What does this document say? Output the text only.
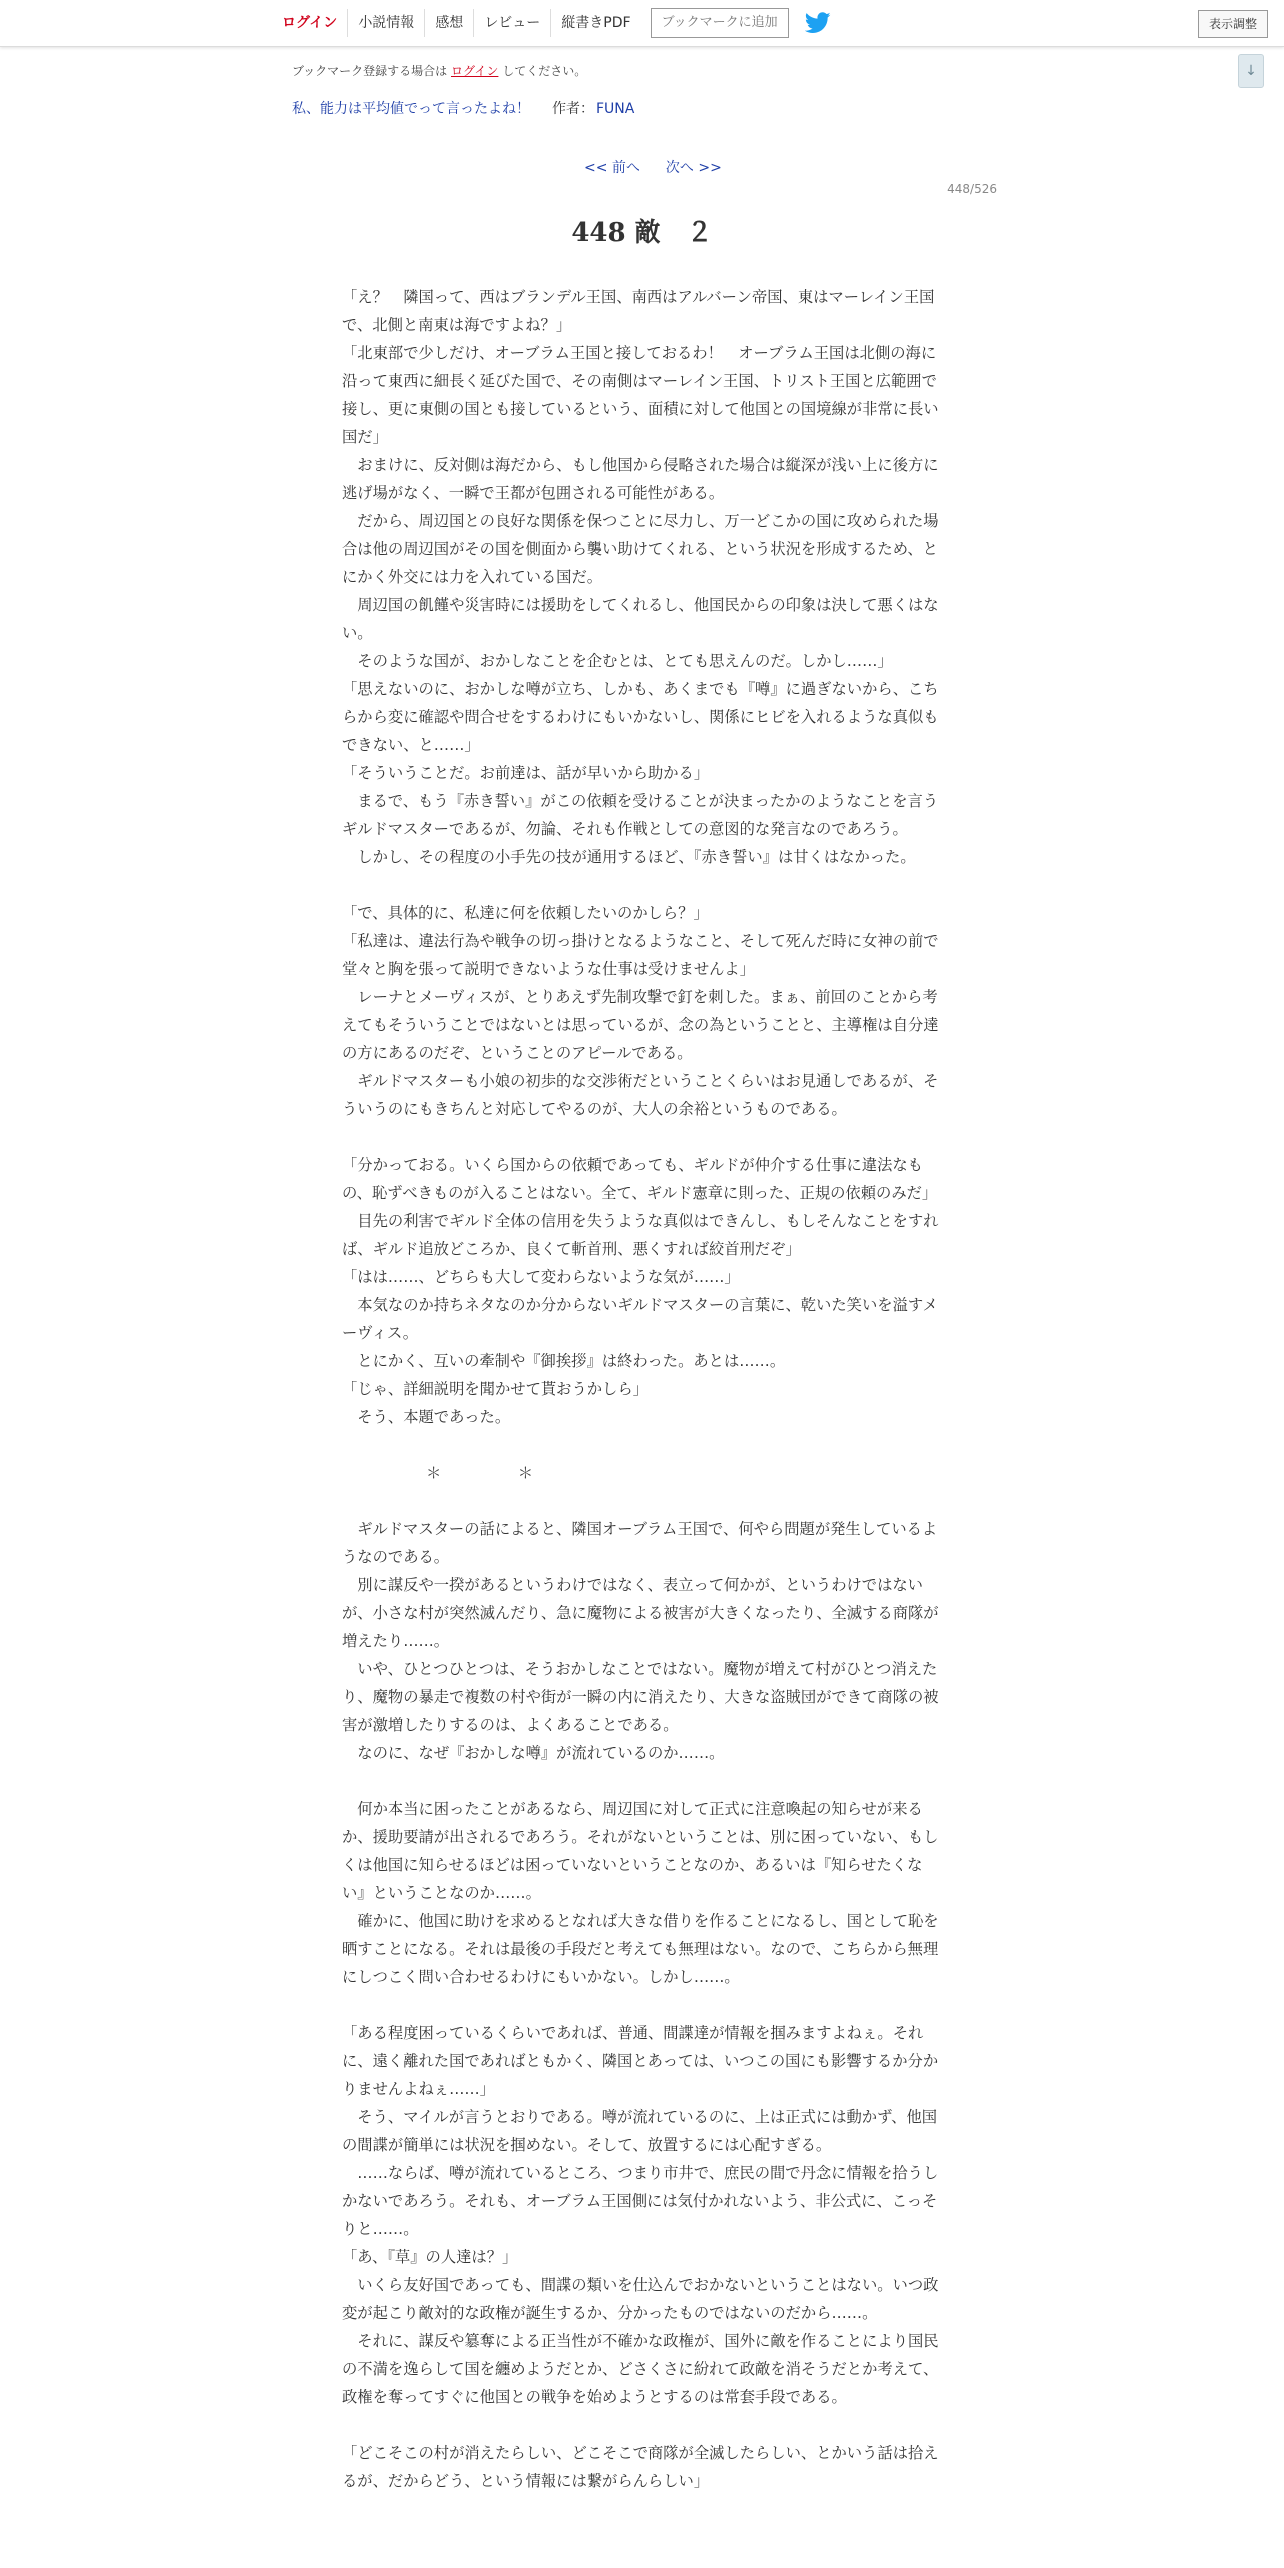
ログイン	小説情報	感想	レビュー	縦書きPDF	ブックマークに追加	表示調整
↓
ブックマーク登録する場合は ログイン してください。
私、能力は平均値でって言ったよね！ 作者： FUNA
<< 前へ 次へ >>
448/526
448 敵　２

「え？　隣国って、西はブランデル王国、南西はアルバーン帝国、東はマーレイン王国で、北側と南東は海ですよね？」

「北東部で少しだけ、オーブラム王国と接しておるわ！　オーブラム王国は北側の海に沿って東西に細長く延びた国で、その南側はマーレイン王国、トリスト王国と広範囲で接し、更に東側の国とも接しているという、面積に対して他国との国境線が非常に長い国だ」

　おまけに、反対側は海だから、もし他国から侵略された場合は縦深が浅い上に後方に逃げ場がなく、一瞬で王都が包囲される可能性がある。

　だから、周辺国との良好な関係を保つことに尽力し、万一どこかの国に攻められた場合は他の周辺国がその国を側面から襲い助けてくれる、という状況を形成するため、とにかく外交には力を入れている国だ。

　周辺国の飢饉や災害時には援助をしてくれるし、他国民からの印象は決して悪くはない。

　そのような国が、おかしなことを企むとは、とても思えんのだ。しかし……」

「思えないのに、おかしな噂が立ち、しかも、あくまでも『噂』に過ぎないから、こちらから変に確認や問合せをするわけにもいかないし、関係にヒビを入れるような真似もできない、と……」

「そういうことだ。お前達は、話が早いから助かる」

　まるで、もう『赤き誓い』がこの依頼を受けることが決まったかのようなことを言うギルドマスターであるが、勿論、それも作戦としての意図的な発言なのであろう。

　しかし、その程度の小手先の技が通用するほど、『赤き誓い』は甘くはなかった。

「で、具体的に、私達に何を依頼したいのかしら？」

「私達は、違法行為や戦争の切っ掛けとなるようなこと、そして死んだ時に女神の前で堂々と胸を張って説明できないような仕事は受けませんよ」

　レーナとメーヴィスが、とりあえず先制攻撃で釘を刺した。まぁ、前回のことから考えてもそういうことではないとは思っているが、念の為ということと、主導権は自分達の方にあるのだぞ、ということのアピールである。

　ギルドマスターも小娘の初歩的な交渉術だということくらいはお見通しであるが、そういうのにもきちんと対応してやるのが、大人の余裕というものである。

「分かっておる。いくら国からの依頼であっても、ギルドが仲介する仕事に違法なもの、恥ずべきものが入ることはない。全て、ギルド憲章に則った、正規の依頼のみだ」

　目先の利害でギルド全体の信用を失うような真似はできんし、もしそんなことをすれば、ギルド追放どころか、良くて斬首刑、悪くすれば絞首刑だぞ」

「はは……、どちらも大して変わらないような気が……」

　本気なのか持ちネタなのか分からないギルドマスターの言葉に、乾いた笑いを溢すメーヴィス。

　とにかく、互いの牽制や『御挨拶』は終わった。あとは……。

「じゃ、詳細説明を聞かせて貰おうかしら」

　そう、本題であった。

＊　　　　　＊

　ギルドマスターの話によると、隣国オーブラム王国で、何やら問題が発生しているようなのである。

　別に謀反や一揆があるというわけではなく、表立って何かが、というわけではないが、小さな村が突然滅んだり、急に魔物による被害が大きくなったり、全滅する商隊が増えたり……。

　いや、ひとつひとつは、そうおかしなことではない。魔物が増えて村がひとつ消えたり、魔物の暴走で複数の村や街が一瞬の内に消えたり、大きな盗賊団ができて商隊の被害が激増したりするのは、よくあることである。

　なのに、なぜ『おかしな噂』が流れているのか……。

　何か本当に困ったことがあるなら、周辺国に対して正式に注意喚起の知らせが来るか、援助要請が出されるであろう。それがないということは、別に困っていない、もしくは他国に知らせるほどは困っていないということなのか、あるいは『知らせたくない』ということなのか……。

　確かに、他国に助けを求めるとなれば大きな借りを作ることになるし、国として恥を晒すことになる。それは最後の手段だと考えても無理はない。なので、こちらから無理にしつこく問い合わせるわけにもいかない。しかし……。

「ある程度困っているくらいであれば、普通、間諜達が情報を掴みますよねぇ。それに、遠く離れた国であればともかく、隣国とあっては、いつこの国にも影響するか分かりませんよねぇ……」

　そう、マイルが言うとおりである。噂が流れているのに、上は正式には動かず、他国の間諜が簡単には状況を掴めない。そして、放置するには心配すぎる。

　……ならば、噂が流れているところ、つまり市井で、庶民の間で丹念に情報を拾うしかないであろう。それも、オーブラム王国側には気付かれないよう、非公式に、こっそりと……。

「あ、『草』の人達は？」

　いくら友好国であっても、間諜の類いを仕込んでおかないということはない。いつ政変が起こり敵対的な政権が誕生するか、分かったものではないのだから……。

　それに、謀反や簒奪による正当性が不確かな政権が、国外に敵を作ることにより国民の不満を逸らして国を纏めようだとか、どさくさに紛れて政敵を消そうだとか考えて、政権を奪ってすぐに他国との戦争を始めようとするのは常套手段である。

「どこそこの村が消えたらしい、どこそこで商隊が全滅したらしい、とかいう話は拾えるが、だからどう、という情報には繋がらんらしい」
